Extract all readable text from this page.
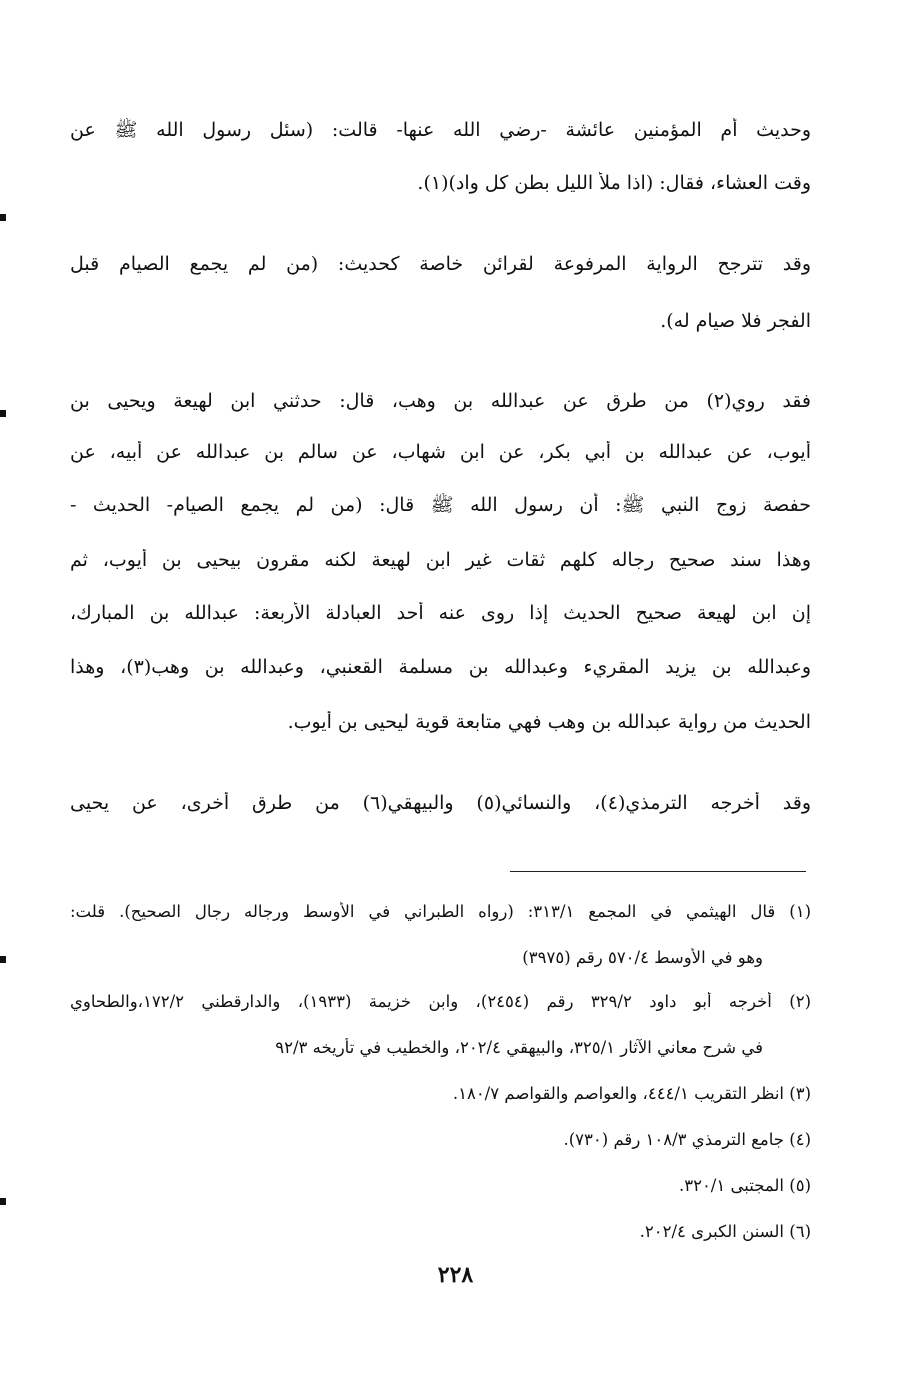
وحديث أم المؤمنين عائشة -رضي الله عنها- قالت: (سئل رسول الله ﷺ عن
وقت العشاء، فقال: (اذا ملأ الليل بطن كل واد)(١).
وقد تترجح الرواية المرفوعة لقرائن خاصة كحديث: (من لم يجمع الصيام قبل
الفجر فلا صيام له).
فقد روي(٢) من طرق عن عبدالله بن وهب، قال: حدثني ابن لهيعة ويحيى بن
أيوب، عن عبدالله بن أبي بكر، عن ابن شهاب، عن سالم بن عبدالله عن أبيه، عن
حفصة زوج النبي ﷺ: أن رسول الله ﷺ قال: (من لم يجمع الصيام- الحديث -
وهذا سند صحيح رجاله كلهم ثقات غير ابن لهيعة لكنه مقرون بيحيى بن أيوب، ثم
إن ابن لهيعة صحيح الحديث إذا روى عنه أحد العبادلة الأربعة: عبدالله بن المبارك،
وعبدالله بن يزيد المقريء وعبدالله بن مسلمة القعنبي، وعبدالله بن وهب(٣)، وهذا
الحديث من رواية عبدالله بن وهب فهي متابعة قوية ليحيى بن أيوب.
وقد أخرجه الترمذي(٤)، والنسائي(٥) والبيهقي(٦) من طرق أخرى، عن يحيى
(١) قال الهيثمي في المجمع ٣١٣/١: (رواه الطبراني في الأوسط ورجاله رجال الصحيح). قلت:
وهو في الأوسط ٥٧٠/٤ رقم (٣٩٧٥)
(٢) أخرجه أبو داود ٣٢٩/٢ رقم (٢٤٥٤)، وابن خزيمة (١٩٣٣)، والدارقطني ١٧٢/٢،والطحاوي
في شرح معاني الآثار ٣٢٥/١، والبيهقي ٢٠٢/٤، والخطيب في تأريخه ٩٢/٣
(٣) انظر التقريب ٤٤٤/١، والعواصم والقواصم ١٨٠/٧.
(٤) جامع الترمذي ١٠٨/٣ رقم (٧٣٠).
(٥) المجتبى ٣٢٠/١.
(٦) السنن الكبرى ٢٠٢/٤.
٢٢٨
